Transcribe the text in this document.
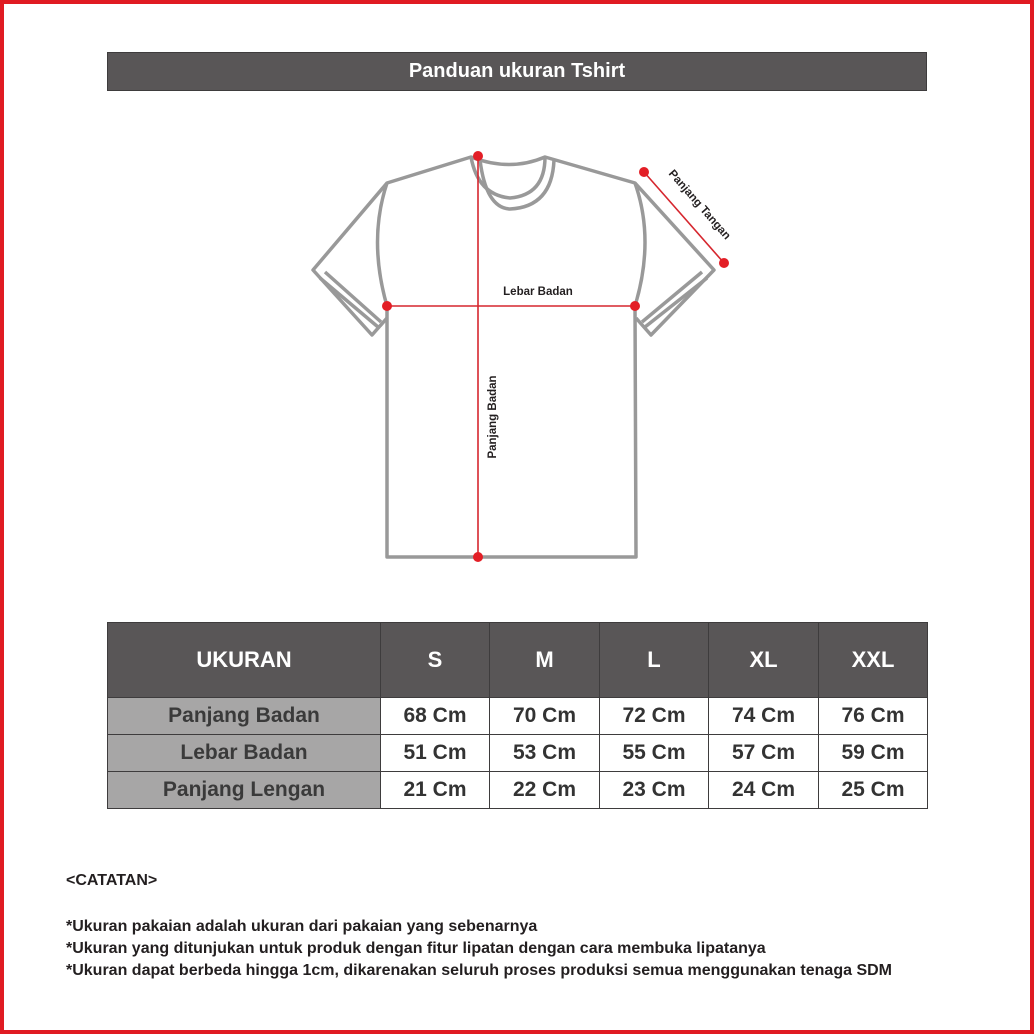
Panduan ukuran Tshirt
Lebar Badan
Panjang Badan
Panjang Tangan
UKURAN	S	M	L	XL	XXL
Panjang Badan	68 Cm	70 Cm	72 Cm	74 Cm	76 Cm
Lebar Badan	51 Cm	53 Cm	55 Cm	57 Cm	59 Cm
Panjang Lengan	21 Cm	22 Cm	23 Cm	24 Cm	25 Cm

<CATATAN>

*Ukuran pakaian adalah ukuran dari pakaian yang sebenarnya

*Ukuran yang ditunjukan untuk produk dengan fitur lipatan dengan cara membuka lipatanya

*Ukuran dapat berbeda hingga 1cm, dikarenakan seluruh proses produksi semua menggunakan tenaga SDM
